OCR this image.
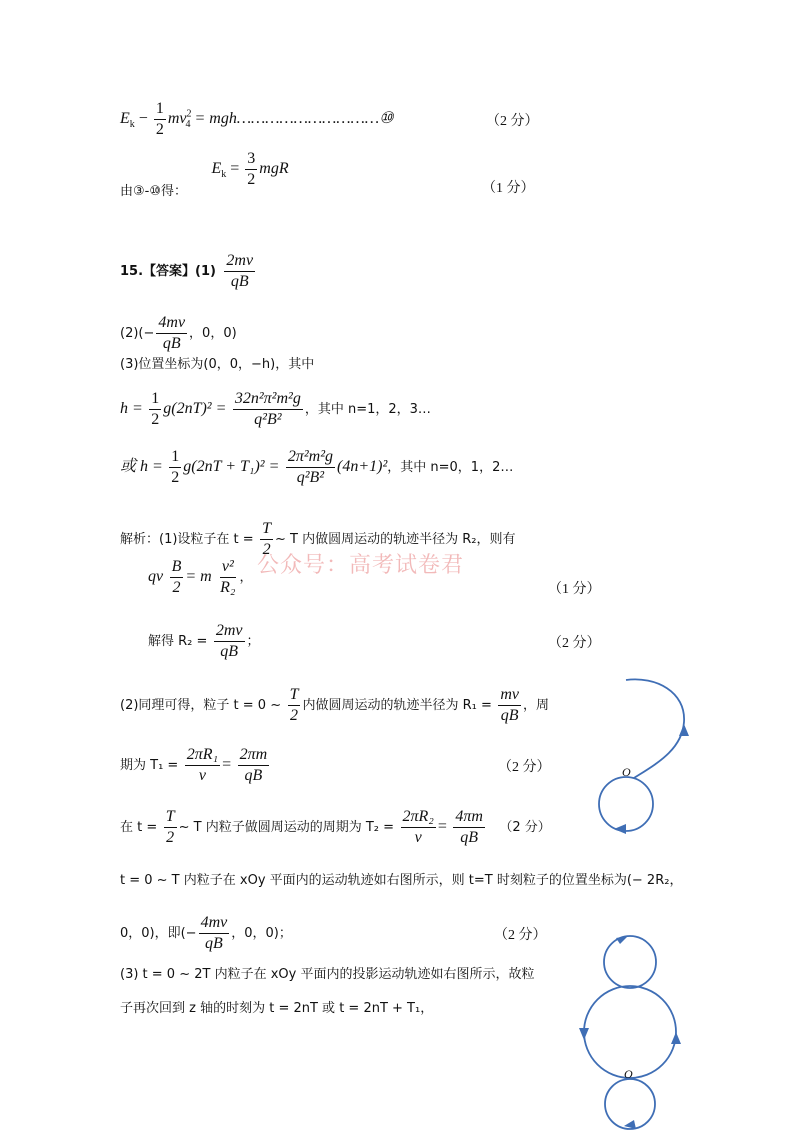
$E_k - \frac{1}{2} mv^2_4$ = mgh…………………………⑩	（2 分）
由③-⑩得： $E_k = \frac{3}{2}$ mgR
（1 分）
15.【答案】$(1) \frac{2mv}{qB}$
$(2)(- \frac{4mv}{qB}$ ，0，0)
(3)位置坐标为(0，0，−h)，其中
$h = \frac{1}{2} g(2nT)^2 = \frac{\text{32n²π²m²g}}{\text{q²B²}}$ ，其中 n=1，2，3…
或 $h = \frac{1}{2} g(2nT + T_1)^2 = \frac{\text{2π²m²g}}{\text{q²B²}} (4n+1)^2$，其中 n=0，1，2…
解析：(1)设粒子在 $t = \frac{T}{2}$ ~ T 内做圆周运动的轨迹半径为 R₂，则有
公众号：高考试卷君
qv $\frac{B}{2} = m \frac{\text{v²}}{\text{R₂}}$ ，
（1 分）
解得 $R_2 = \frac{2mv}{qB}$ ；	（2 分）
(2)同理可得，粒子 t = 0 ~ $\frac{T}{2}$ 内做圆周运动的轨迹半径为 $R_1 = \frac{mv}{qB}$ ，周
期为 $T_1 = \frac{\text{2πR₁}}{v} = \frac{2\pi m}{qB}$	（2 分）
在 $t = \frac{T}{2}$ ~ T 内粒子做圆周运动的周期为 $T_2 = \frac{\text{2πR₂}}{v} = \frac{4\pi m}{qB} (2$ 分）
t = 0 ~ T 内粒子在 xOy 平面内的运动轨迹如右图所示，则 t=T 时刻粒子的位置坐标为(− 2R₂，
0，0)，即(− $\frac{4mv}{qB}$ ，0，0)；	（2 分）
(3) t = 0 ~ 2T 内粒子在 xOy 平面内的投影运动轨迹如右图所示，故粒
子再次回到 z 轴的时刻为 t = 2nT 或 t = 2nT + T₁，
O
O
